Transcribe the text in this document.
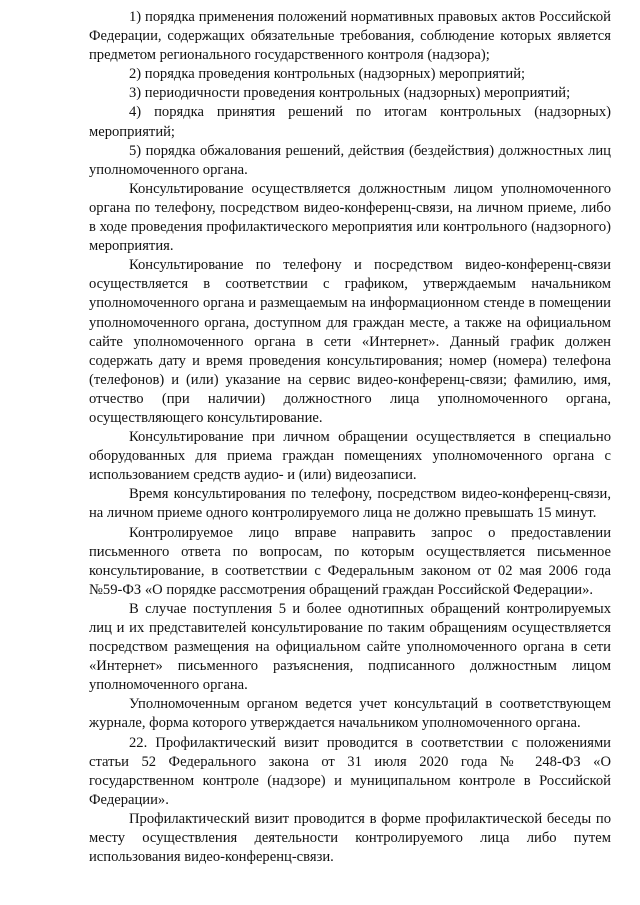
1) порядка применения положений нормативных правовых актов Российской Федерации, содержащих обязательные требования, соблюдение которых является предметом регионального государственного контроля (надзора);

2) порядка проведения контрольных (надзорных) мероприятий;

3) периодичности проведения контрольных (надзорных) мероприятий;

4) порядка принятия решений по итогам контрольных (надзорных) мероприятий;

5) порядка обжалования решений, действия (бездействия) должностных лиц уполномоченного органа.

Консультирование осуществляется должностным лицом уполномоченного органа по телефону, посредством видео-конференц-связи, на личном приеме, либо в ходе проведения профилактического мероприятия или контрольного (надзорного) мероприятия.

Консультирование по телефону и посредством видео-конференц-связи осуществляется в соответствии с графиком, утверждаемым начальником уполномоченного органа и размещаемым на информационном стенде в помещении уполномоченного органа, доступном для граждан месте, а также на официальном сайте уполномоченного органа в сети «Интернет». Данный график должен содержать дату и время проведения консультирования; номер (номера) телефона (телефонов) и (или) указание на сервис видео-конференц-связи; фамилию, имя, отчество (при наличии) должностного лица уполномоченного органа, осуществляющего консультирование.

Консультирование при личном обращении осуществляется в специально оборудованных для приема граждан помещениях уполномоченного органа с использованием средств аудио- и (или) видеозаписи.

Время консультирования по телефону, посредством видео-конференц-связи, на личном приеме одного контролируемого лица не должно превышать 15 минут.

Контролируемое лицо вправе направить запрос о предоставлении письменного ответа по вопросам, по которым осуществляется письменное консультирование, в соответствии с Федеральным законом от 02 мая 2006 года №59-ФЗ «О порядке рассмотрения обращений граждан Российской Федерации».

В случае поступления 5 и более однотипных обращений контролируемых лиц и их представителей консультирование по таким обращениям осуществляется посредством размещения на официальном сайте уполномоченного органа в сети «Интернет» письменного разъяснения, подписанного должностным лицом уполномоченного органа.

Уполномоченным органом ведется учет консультаций в соответствующем журнале, форма которого утверждается начальником уполномоченного органа.

22. Профилактический визит проводится в соответствии с положениями статьи 52 Федерального закона от 31 июля 2020 года № 248-ФЗ «О государственном контроле (надзоре) и муниципальном контроле в Российской Федерации».

Профилактический визит проводится в форме профилактической беседы по месту осуществления деятельности контролируемого лица либо путем использования видео-конференц-связи.
